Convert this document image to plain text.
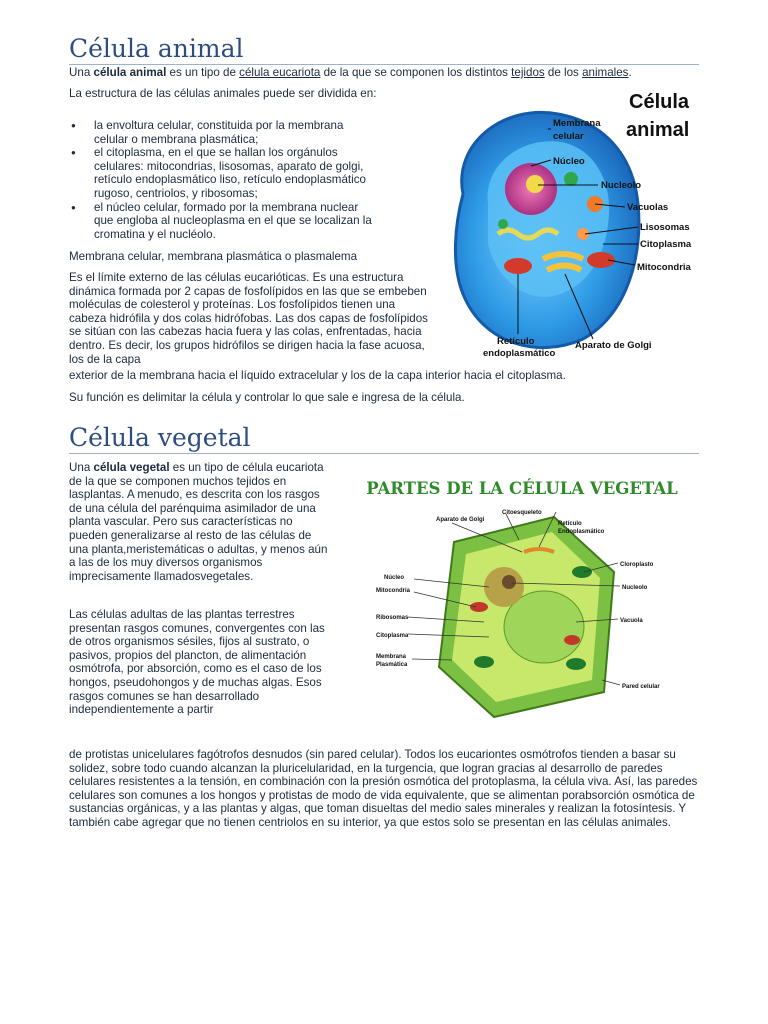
Célula animal

Una célula animal es un tipo de célula eucariota de la que se componen los distintos tejidos de los animales.

La estructura de las células animales puede ser dividida en:

● la envoltura celular, constituida por la membrana celular o membrana plasmática;
● el citoplasma, en el que se hallan los orgánulos celulares: mitocondrias, lisosomas, aparato de golgi, retículo endoplasmático liso, retículo endoplasmático rugoso, centriolos, y ribosomas;
● el núcleo celular, formado por la membrana nuclear que engloba al nucleoplasma en el que se localizan la cromatina y el nucléolo.

Membrana celular, membrana plasmática o plasmalema

Es el límite externo de las células eucarióticas. Es una estructura dinámica formada por 2 capas de fosfolípidos en las que se embeben moléculas de colesterol y proteínas. Los fosfolípidos tienen una cabeza hidrófila y dos colas hidrófobas. Las dos capas de fosfolípidos se sitúan con las cabezas hacia fuera y las colas, enfrentadas, hacia dentro. Es decir, los grupos hidrófilos se dirigen hacia la fase acuosa, los de la capa

exterior de la membrana hacia el líquido extracelular y los de la capa interior hacia el citoplasma.

Su función es delimitar la célula y controlar lo que sale e ingresa de la célula.

Célula
animal
Membrana
celular
Núcleo
Nucleolo
Vacuolas
Lisosomas
Citoplasma
Mitocondria
Retículo
endoplasmático
Aparato de Golgi
Célula vegetal

Una célula vegetal es un tipo de célula eucariota de la que se componen muchos tejidos en lasplantas. A menudo, es descrita con los rasgos de una célula del parénquima asimilador de una planta vascular. Pero sus características no pueden generalizarse al resto de las células de una planta,meristemáticas o adultas, y menos aún a las de los muy diversos organismos imprecisamente llamadosvegetales.

Las células adultas de las plantas terrestres presentan rasgos comunes, convergentes con las de otros organismos sésiles, fijos al sustrato, o pasivos, propios del plancton, de alimentación osmótrofa, por absorción, como es el caso de los hongos, pseudohongos y de muchas algas. Esos rasgos comunes se han desarrollado independientemente a partir

de protistas unicelulares fagótrofos desnudos (sin pared celular). Todos los eucariontes osmótrofos tienden a basar su solidez, sobre todo cuando alcanzan la pluricelularidad, en la turgencia, que logran gracias al desarrollo de paredes celulares resistentes a la tensión, en combinación con la presión osmótica del protoplasma, la célula viva. Así, las paredes celulares son comunes a los hongos y protistas de modo de vida equivalente, que se alimentan porabsorción osmótica de sustancias orgánicas, y a las plantas y algas, que toman disueltas del medio sales minerales y realizan la fotosíntesis. Y también cabe agregar que no tienen centriolos en su interior, ya que estos solo se presentan en las células animales.

PARTES DE LA CÉLULA VEGETAL
Citoesqueleto
Aparato de Golgi
Retículo
Endoplasmático
Cloroplasto
Núcleo
Nucleolo
Mitocondria
Ribosomas	Vacuola
Citoplasma
Membrana
Plasmática
Pared celular
